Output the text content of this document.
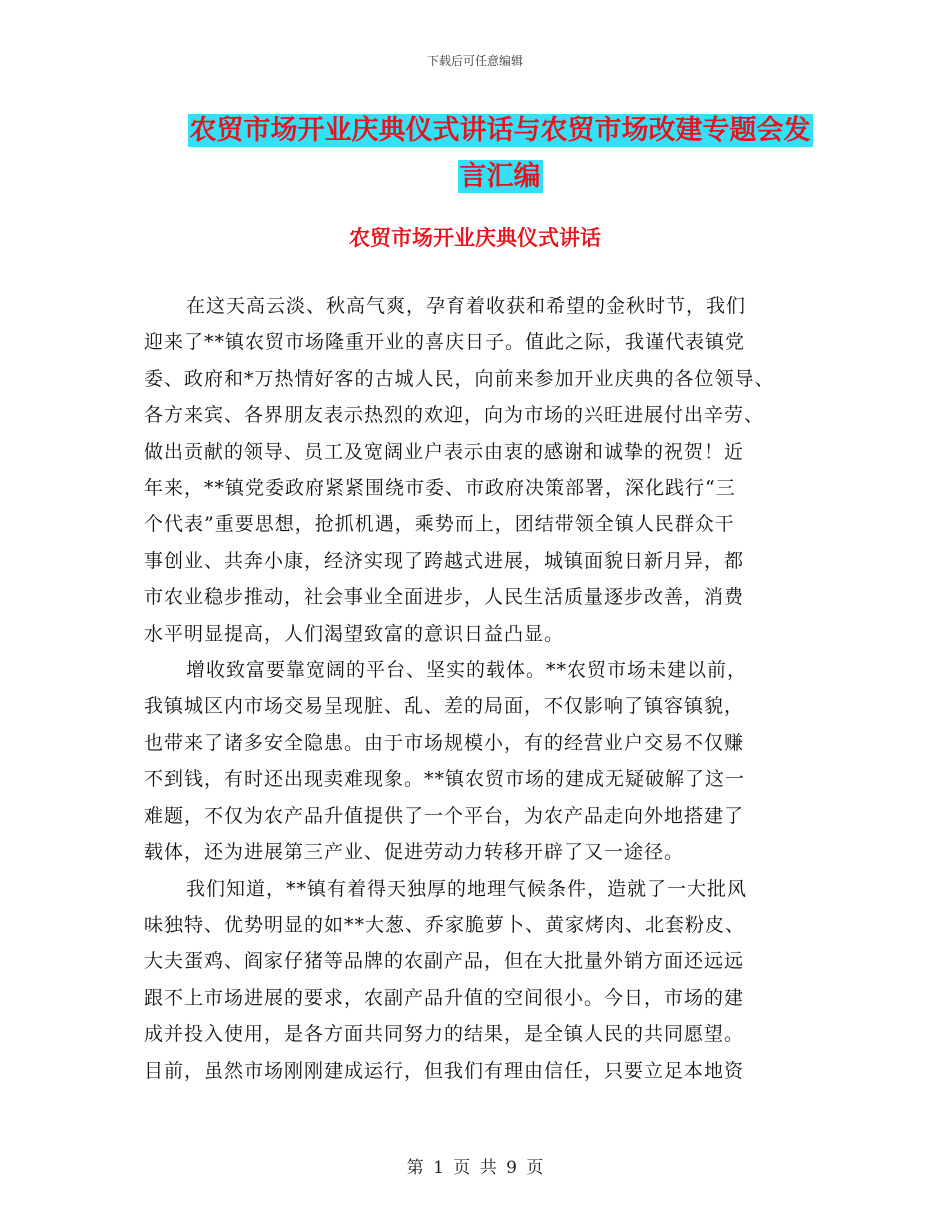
下载后可任意编辑
农贸市场开业庆典仪式讲话与农贸市场改建专题会发
言汇编
农贸市场开业庆典仪式讲话
在这天高云淡、秋高气爽，孕育着收获和希望的金秋时节，我们
迎来了**镇农贸市场隆重开业的喜庆日子。值此之际，我谨代表镇党
委、政府和*万热情好客的古城人民，向前来参加开业庆典的各位领导、
各方来宾、各界朋友表示热烈的欢迎，向为市场的兴旺进展付出辛劳、
做出贡献的领导、员工及宽阔业户表示由衷的感谢和诚挚的祝贺！近
年来，**镇党委政府紧紧围绕市委、市政府决策部署，深化践行“三
个代表”重要思想，抢抓机遇，乘势而上，团结带领全镇人民群众干
事创业、共奔小康，经济实现了跨越式进展，城镇面貌日新月异，都
市农业稳步推动，社会事业全面进步，人民生活质量逐步改善，消费
水平明显提高，人们渴望致富的意识日益凸显。
增收致富要靠宽阔的平台、坚实的载体。**农贸市场未建以前，
我镇城区内市场交易呈现脏、乱、差的局面，不仅影响了镇容镇貌，
也带来了诸多安全隐患。由于市场规模小，有的经营业户交易不仅赚
不到钱，有时还出现卖难现象。**镇农贸市场的建成无疑破解了这一
难题，不仅为农产品升值提供了一个平台，为农产品走向外地搭建了
载体，还为进展第三产业、促进劳动力转移开辟了又一途径。
我们知道，**镇有着得天独厚的地理气候条件，造就了一大批风
味独特、优势明显的如**大葱、乔家脆萝卜、黄家烤肉、北套粉皮、
大夫蛋鸡、阎家仔猪等品牌的农副产品，但在大批量外销方面还远远
跟不上市场进展的要求，农副产品升值的空间很小。今日，市场的建
成并投入使用，是各方面共同努力的结果，是全镇人民的共同愿望。
目前，虽然市场刚刚建成运行，但我们有理由信任，只要立足本地资
第 1 页 共 9 页
